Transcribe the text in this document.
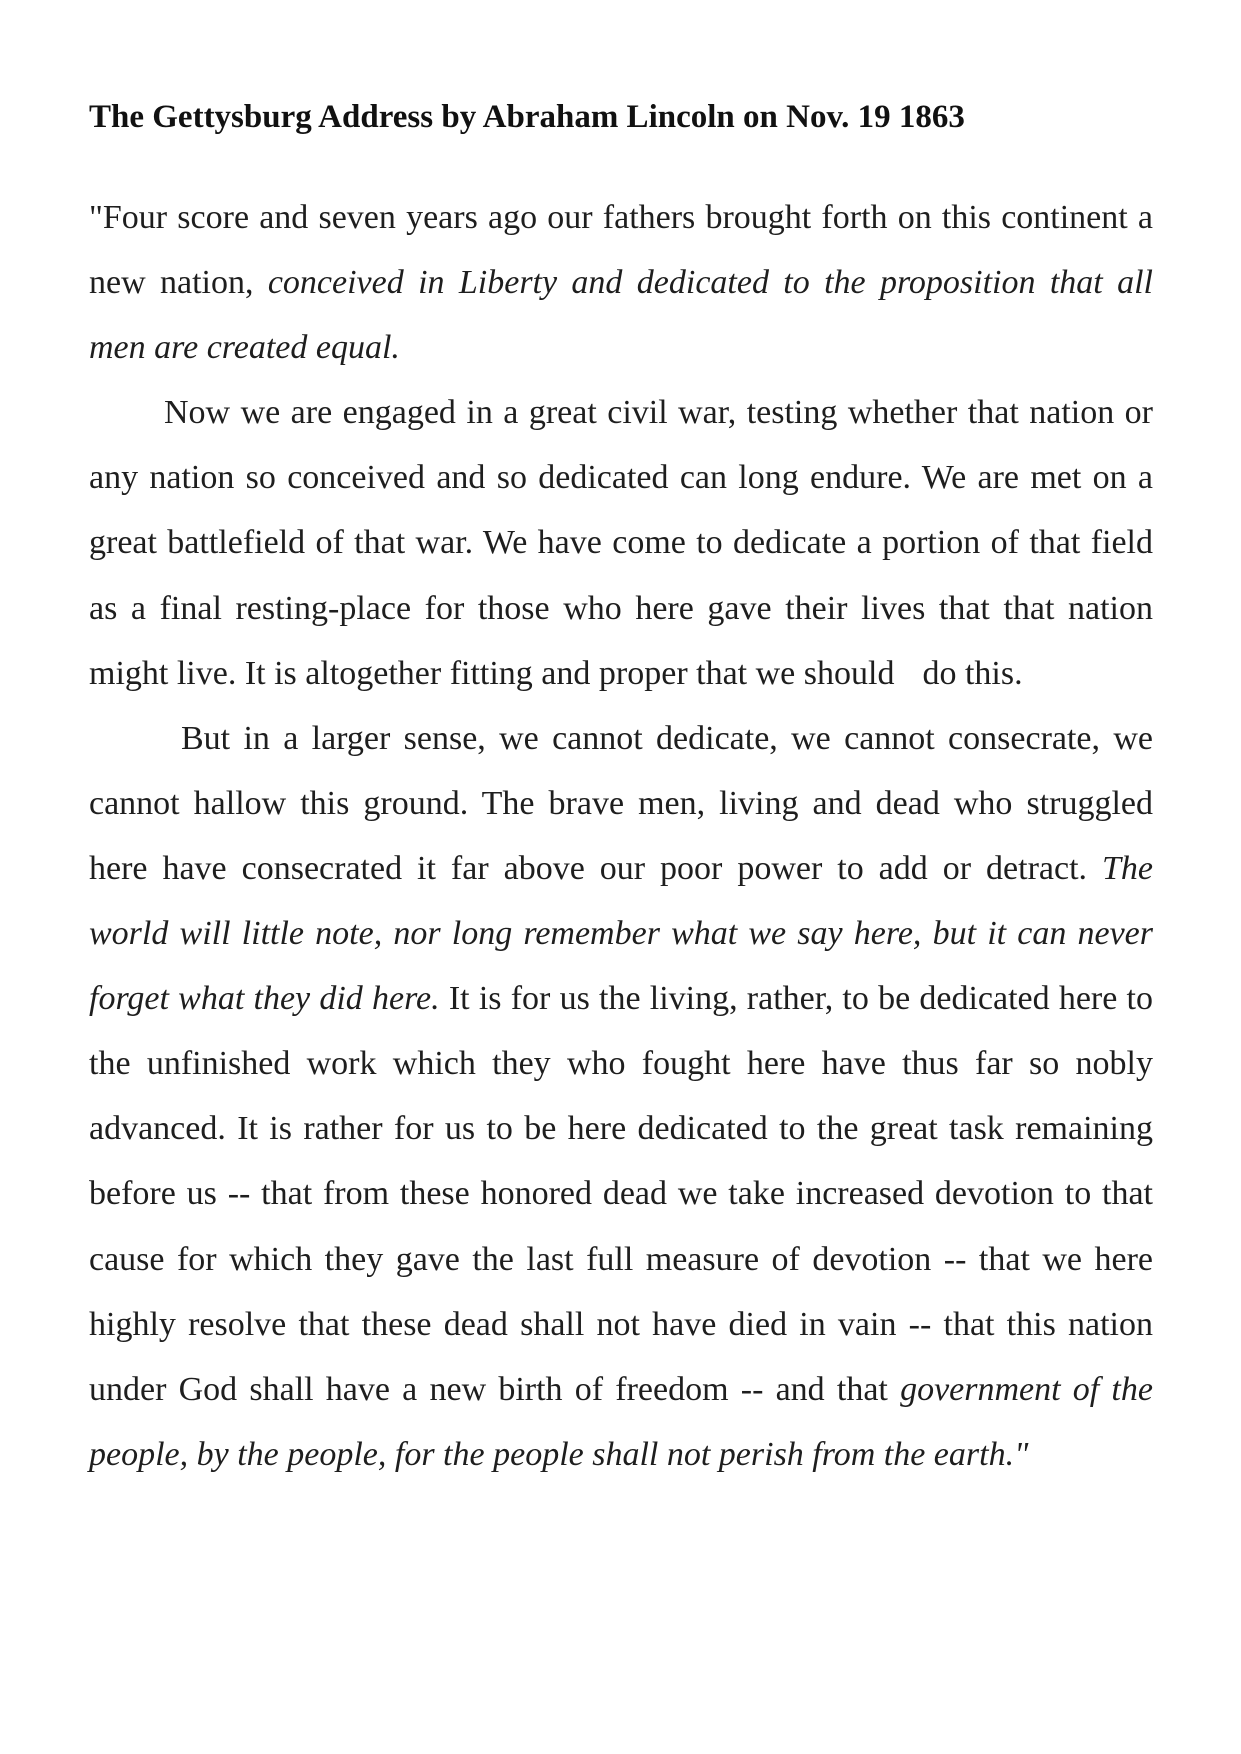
The Gettysburg Address by Abraham Lincoln on Nov. 19 1863

"Four score and seven years ago our fathers brought forth on this continent a new nation, conceived in Liberty and dedicated to the proposition that all men are created equal.

Now we are engaged in a great civil war, testing whether that nation or any nation so conceived and so dedicated can long endure. We are met on a great battlefield of that war. We have come to dedicate a portion of that field as a final resting-place for those who here gave their lives that that nation might live. It is altogether fitting and proper that we should do this.

But in a larger sense, we cannot dedicate, we cannot consecrate, we cannot hallow this ground. The brave men, living and dead who struggled here have consecrated it far above our poor power to add or detract. The world will little note, nor long remember what we say here, but it can never forget what they did here. It is for us the living, rather, to be dedicated here to the unfinished work which they who fought here have thus far so nobly advanced. It is rather for us to be here dedicated to the great task remaining before us -- that from these honored dead we take increased devotion to that cause for which they gave the last full measure of devotion -- that we here highly resolve that these dead shall not have died in vain -- that this nation under God shall have a new birth of freedom -- and that government of the people, by the people, for the people shall not perish from the earth."
